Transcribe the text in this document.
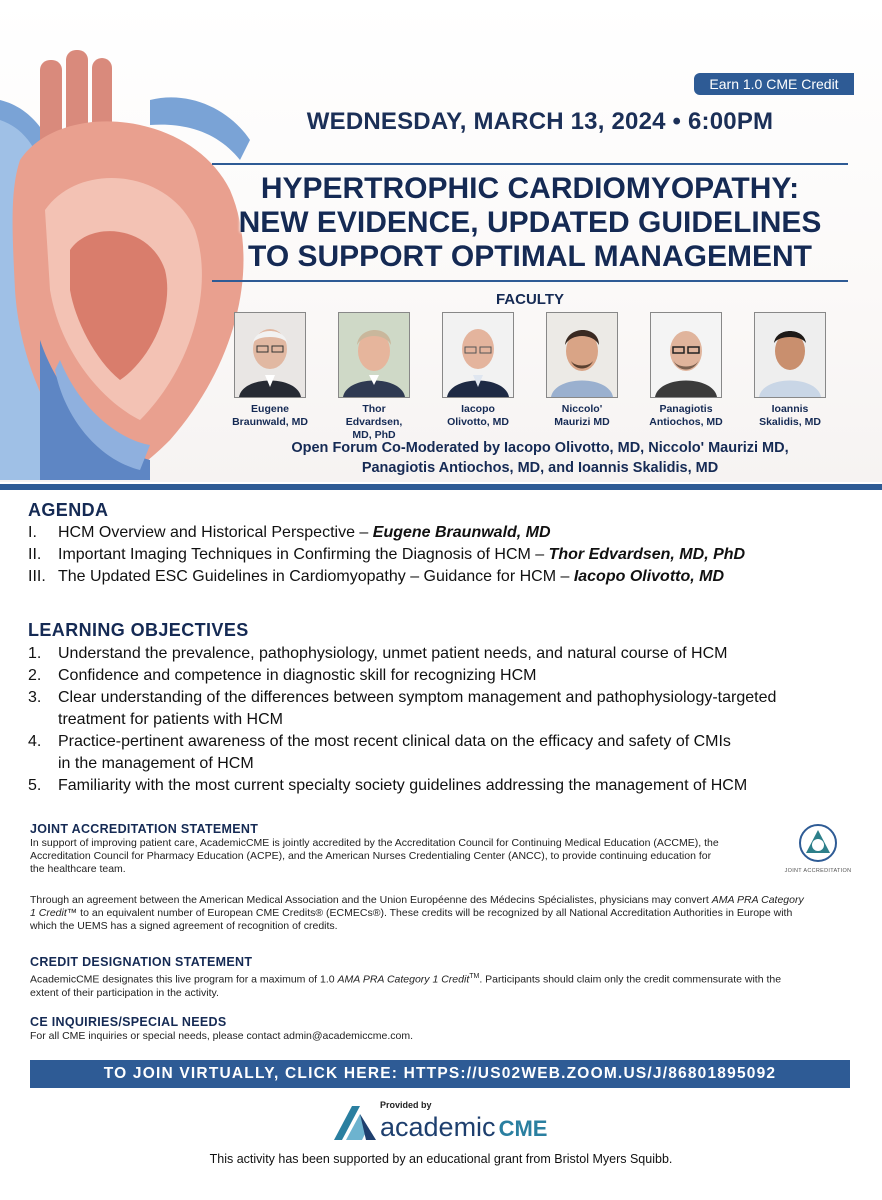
Earn 1.0 CME Credit
WEDNESDAY, MARCH 13, 2024 • 6:00PM
HYPERTROPHIC CARDIOMYOPATHY:
NEW EVIDENCE, UPDATED GUIDELINES
TO SUPPORT OPTIMAL MANAGEMENT
FACULTY
Eugene
Braunwald, MD
Thor
Edvardsen, MD, PhD
Iacopo
Olivotto, MD
Niccolo'
Maurizi MD
Panagiotis
Antiochos, MD
Ioannis
Skalidis, MD
Open Forum Co-Moderated by Iacopo Olivotto, MD, Niccolo' Maurizi MD,
Panagiotis Antiochos, MD, and Ioannis Skalidis, MD
AGENDA
I. HCM Overview and Historical Perspective – Eugene Braunwald, MD
II. Important Imaging Techniques in Confirming the Diagnosis of HCM – Thor Edvardsen, MD, PhD
III. The Updated ESC Guidelines in Cardiomyopathy – Guidance for HCM – Iacopo Olivotto, MD
LEARNING OBJECTIVES
1. Understand the prevalence, pathophysiology, unmet patient needs, and natural course of HCM
2. Confidence and competence in diagnostic skill for recognizing HCM
3. Clear understanding of the differences between symptom management and pathophysiology-targeted
treatment for patients with HCM
4. Practice-pertinent awareness of the most recent clinical data on the efficacy and safety of CMIs
in the management of HCM
5. Familiarity with the most current specialty society guidelines addressing the management of HCM
JOINT ACCREDITATION STATEMENT

In support of improving patient care, AcademicCME is jointly accredited by the Accreditation Council for Continuing Medical Education (ACCME), the
Accreditation Council for Pharmacy Education (ACPE), and the American Nurses Credentialing Center (ANCC), to provide continuing education for
the healthcare team.	JOINT ACCREDITATION

Through an agreement between the American Medical Association and the Union Européenne des Médecins Spécialistes, physicians may convert AMA PRA Category
1 Credit™ to an equivalent number of European CME Credits® (ECMECs®). These credits will be recognized by all National Accreditation Authorities in Europe with
which the UEMS has a signed agreement of recognition of credits.

CREDIT DESIGNATION STATEMENT

AcademicCME designates this live program for a maximum of 1.0 AMA PRA Category 1 Credit™. Participants should claim only the credit commensurate with the
extent of their participation in the activity.

CE INQUIRIES/SPECIAL NEEDS

For all CME inquiries or special needs, please contact admin@academiccme.com.

TO JOIN VIRTUALLY, CLICK HERE: HTTPS://US02WEB.ZOOM.US/J/86801895092
Provided by
academic CME
This activity has been supported by an educational grant from Bristol Myers Squibb.
